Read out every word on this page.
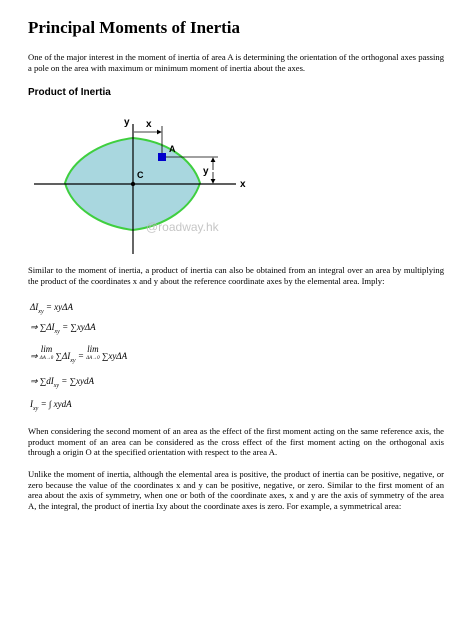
Principal Moments of Inertia

One of the major interest in the moment of inertia of area A is determining the orientation of the orthogonal axes passing a pole on the area with maximum or minimum moment of inertia about the axes.

Product of Inertia
y
x
x
y
A
C
@roadway.hk

Similar to the moment of inertia, a product of inertia can also be obtained from an integral over an area by multiplying the product of the coordinates x and y about the reference coordinate axes by the elemental area. Imply:

$\Delta I_{xy} = xy\Delta A$
⇒ $\sum\Delta I_{xy} = \sum xy\Delta A$
⇒ lim
ΔA→0 $\sum\Delta I_{xy} = \lim$
ΔA→0 ∑xyΔA
⇒ $\sum dI_{xy}$ = ∑xydA
$I_{xy}$ = ∫ xydA

When considering the second moment of an area as the effect of the first moment acting on the same reference axis, the product moment of an area can be considered as the cross effect of the first moment acting on the orthogonal axis through a origin O at the specified orientation with respect to the area A.

Unlike the moment of inertia, although the elemental area is positive, the product of inertia can be positive, negative, or zero because the value of the coordinates x and y can be positive, negative, or zero. Similar to the first moment of an area about the axis of symmetry, when one or both of the coordinate axes, x and y are the axis of symmetry of the area A, the integral, the product of inertia Ixy about the coordinate axes is zero. For example, a symmetrical area:
